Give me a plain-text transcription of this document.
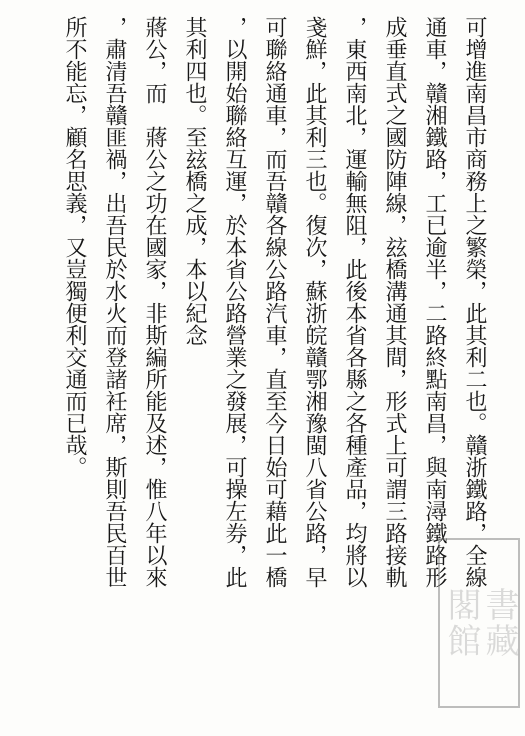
可增進南昌市商務上之繁榮，此其利二也。贛浙鐵路，全線
通車，贛湘鐵路，工已逾半，二路終點南昌，與南潯鐵路形
成垂直式之國防陣線，玆橋溝通其間，形式上可謂三路接軌
，東西南北，運輸無阻，此後本省各縣之各種產品，均將以
戔鮮，此其利三也。復次，蘇浙皖贛鄂湘豫閩八省公路，早
可聯絡通車，而吾贛各線公路汽車，直至今日始可藉此一橋
，以開始聯絡互運，於本省公路營業之發展，可操左券，此
其利四也。至玆橋之成，本以紀念
蔣公，而　蔣公之功在國家，非斯編所能及述，惟八年以來
，肅清吾贛匪禍，出吾民於水火而登諸衽席，斯則吾民百世
所不能忘，顧名思義，又豈獨便利交通而已哉。
書藏
閣館
